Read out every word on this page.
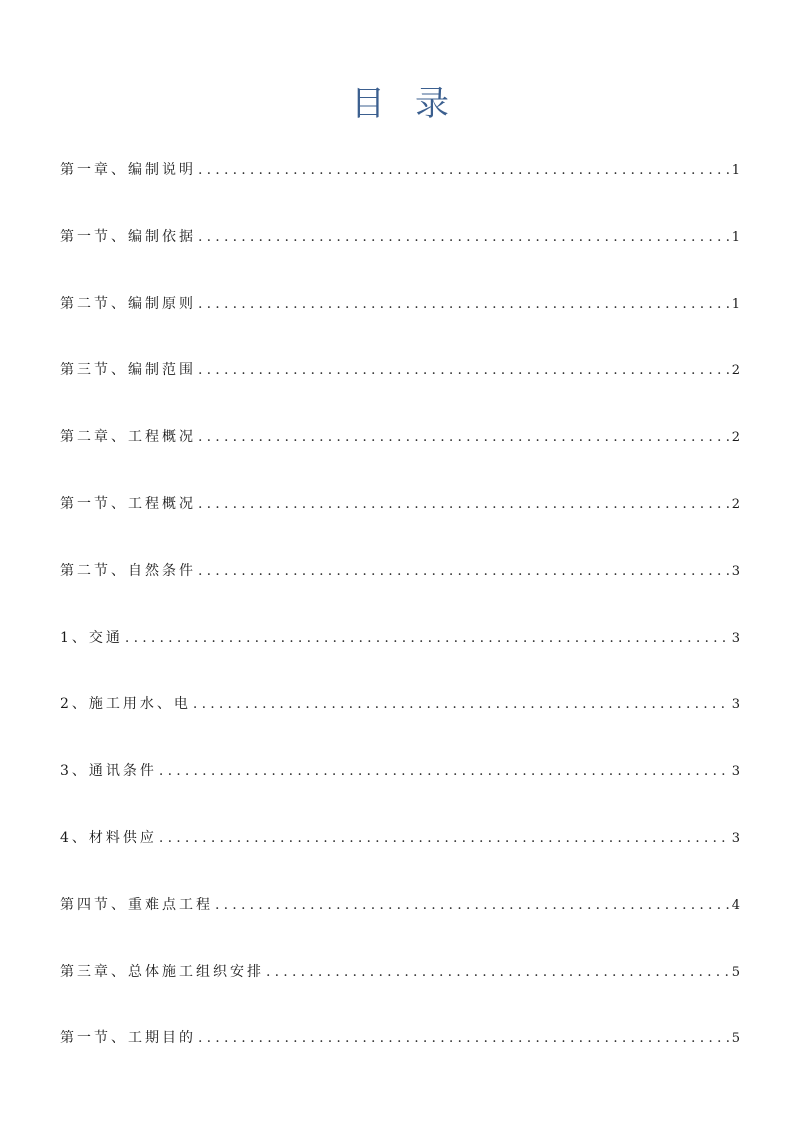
目录
第一章、编制说明 .....	1
第一节、编制依据 .....	1
第二节、编制原则 .....	1
第三节、编制范围 .....	2
第二章、工程概况 .....	2
第一节、工程概况 .....	2
第二节、自然条件 .....	3
1、交通 .....	3
2、施工用水、电 .....	3
3、通讯条件 .....	3
4、材料供应 .....	3
第四节、重难点工程 .....	4
第三章、总体施工组织安排 .....	5
第一节、工期目的 .....	5
